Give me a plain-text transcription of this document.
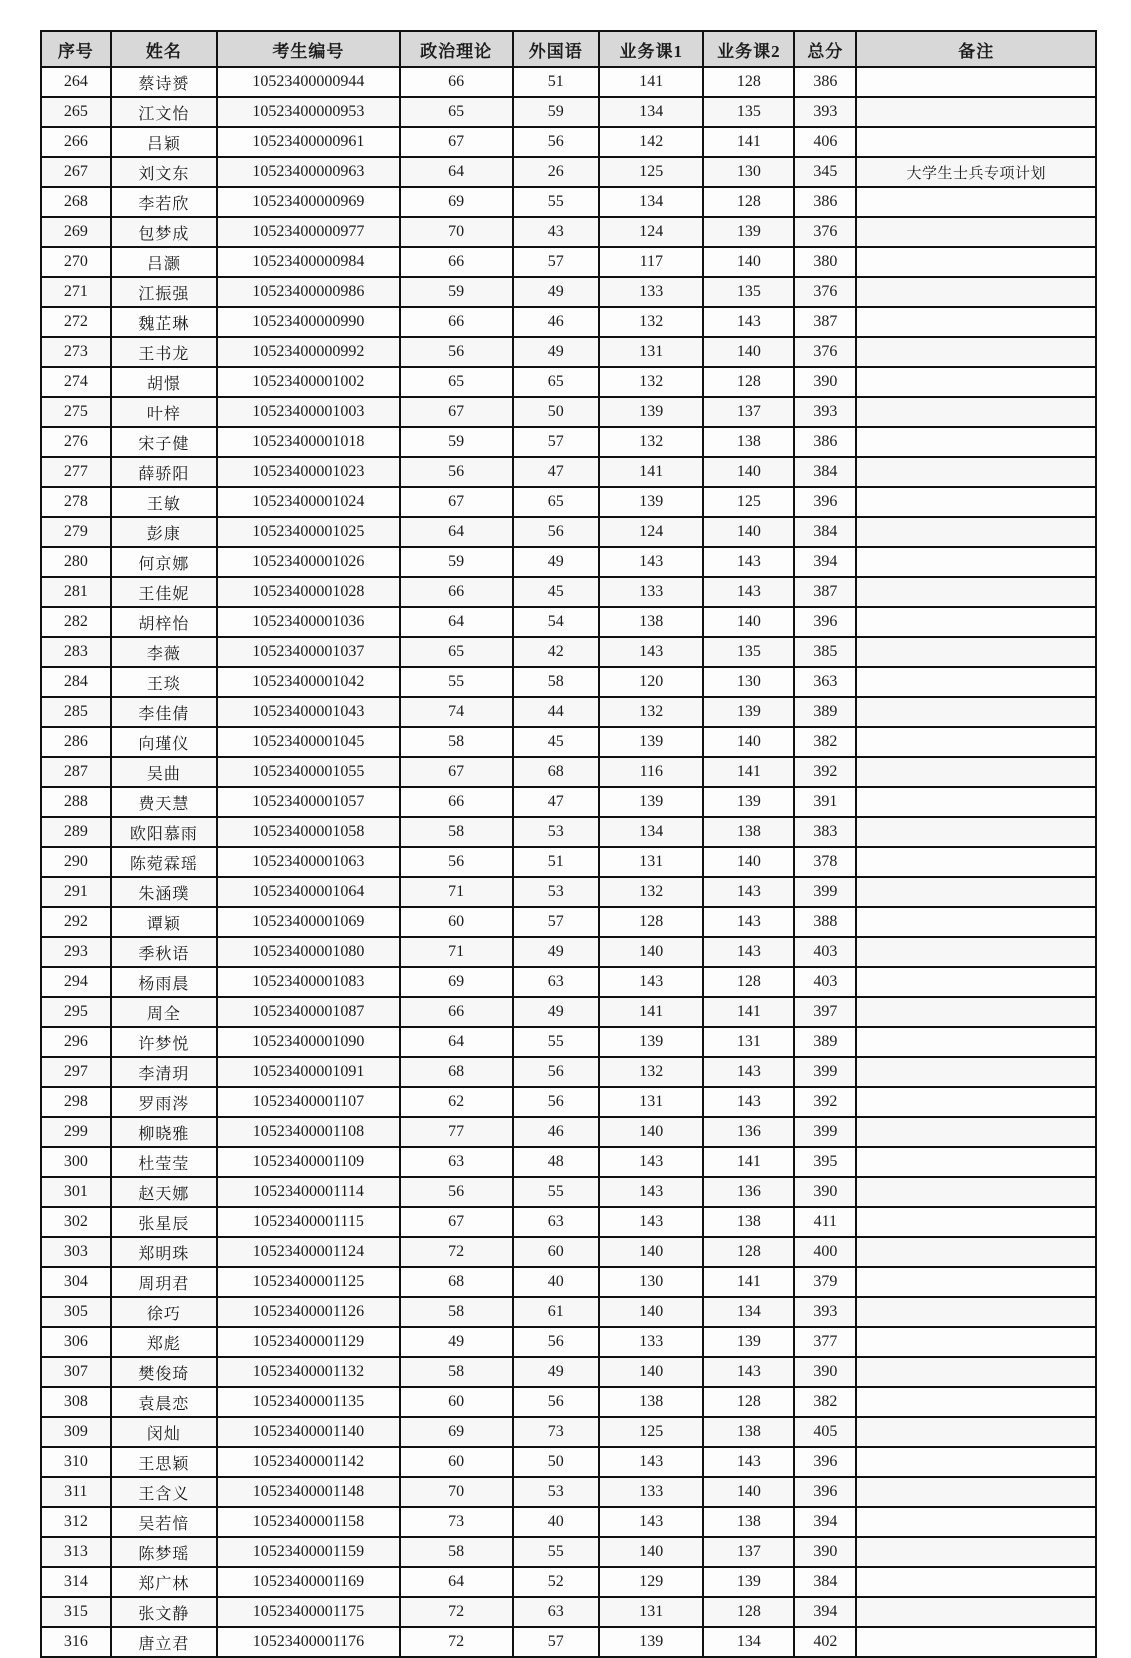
序号	姓名	考生编号	政治理论	外国语	业务课1	业务课2	总分	备注
264	蔡诗赟	10523400000944	66	51	141	128	386	
265	江文怡	10523400000953	65	59	134	135	393	
266	吕颖	10523400000961	67	56	142	141	406	
267	刘文东	10523400000963	64	26	125	130	345	大学生士兵专项计划
268	李若欣	10523400000969	69	55	134	128	386	
269	包梦成	10523400000977	70	43	124	139	376	
270	吕灏	10523400000984	66	57	117	140	380	
271	江振强	10523400000986	59	49	133	135	376	
272	魏芷琳	10523400000990	66	46	132	143	387	
273	王书龙	10523400000992	56	49	131	140	376	
274	胡憬	10523400001002	65	65	132	128	390	
275	叶梓	10523400001003	67	50	139	137	393	
276	宋子健	10523400001018	59	57	132	138	386	
277	薛骄阳	10523400001023	56	47	141	140	384	
278	王敏	10523400001024	67	65	139	125	396	
279	彭康	10523400001025	64	56	124	140	384	
280	何京娜	10523400001026	59	49	143	143	394	
281	王佳妮	10523400001028	66	45	133	143	387	
282	胡梓怡	10523400001036	64	54	138	140	396	
283	李薇	10523400001037	65	42	143	135	385	
284	王琰	10523400001042	55	58	120	130	363	
285	李佳倩	10523400001043	74	44	132	139	389	
286	向瑾仪	10523400001045	58	45	139	140	382	
287	吴曲	10523400001055	67	68	116	141	392	
288	费天慧	10523400001057	66	47	139	139	391	
289	欧阳慕雨	10523400001058	58	53	134	138	383	
290	陈菀霖瑶	10523400001063	56	51	131	140	378	
291	朱涵璞	10523400001064	71	53	132	143	399	
292	谭颖	10523400001069	60	57	128	143	388	
293	季秋语	10523400001080	71	49	140	143	403	
294	杨雨晨	10523400001083	69	63	143	128	403	
295	周全	10523400001087	66	49	141	141	397	
296	许梦悦	10523400001090	64	55	139	131	389	
297	李清玥	10523400001091	68	56	132	143	399	
298	罗雨涔	10523400001107	62	56	131	143	392	
299	柳晓雅	10523400001108	77	46	140	136	399	
300	杜莹莹	10523400001109	63	48	143	141	395	
301	赵天娜	10523400001114	56	55	143	136	390	
302	张星辰	10523400001115	67	63	143	138	411	
303	郑明珠	10523400001124	72	60	140	128	400	
304	周玥君	10523400001125	68	40	130	141	379	
305	徐巧	10523400001126	58	61	140	134	393	
306	郑彪	10523400001129	49	56	133	139	377	
307	樊俊琦	10523400001132	58	49	140	143	390	
308	袁晨恋	10523400001135	60	56	138	128	382	
309	闵灿	10523400001140	69	73	125	138	405	
310	王思颖	10523400001142	60	50	143	143	396	
311	王含义	10523400001148	70	53	133	140	396	
312	吴若愔	10523400001158	73	40	143	138	394	
313	陈梦瑶	10523400001159	58	55	140	137	390	
314	郑广林	10523400001169	64	52	129	139	384	
315	张文静	10523400001175	72	63	131	128	394	
316	唐立君	10523400001176	72	57	139	134	402	
